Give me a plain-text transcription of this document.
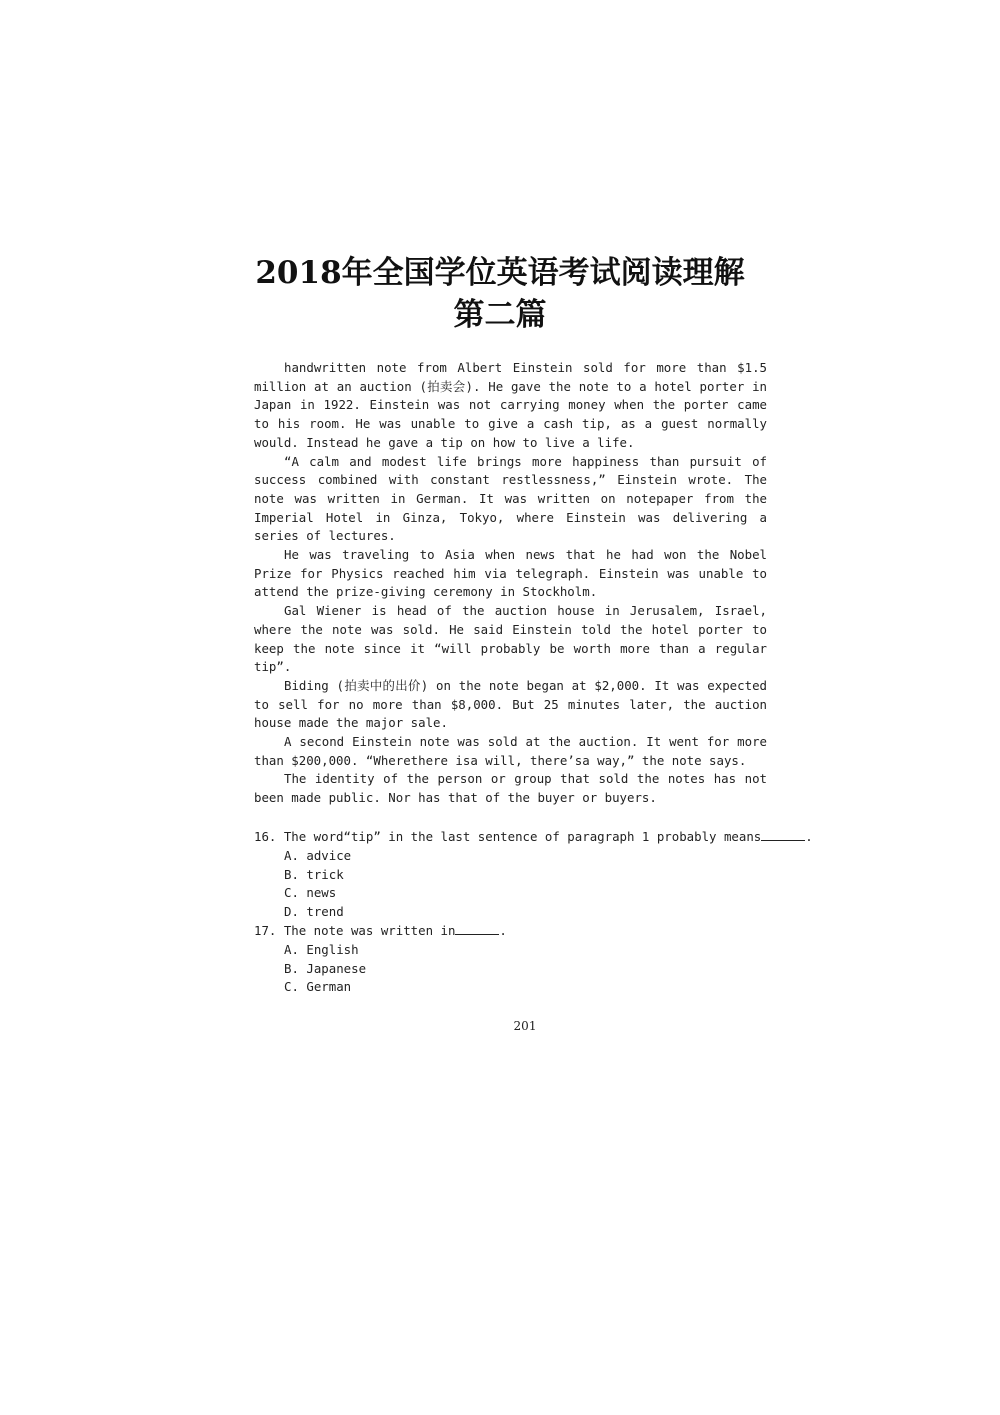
2018年全国学位英语考试阅读理解
第二篇

handwritten note from Albert Einstein sold for more than $1.5 million at an auction (拍卖会). He gave the note to a hotel porter in Japan in 1922. Einstein was not carrying money when the porter came to his room. He was unable to give a cash tip, as a guest normally would. Instead he gave a tip on how to live a life.

“A calm and modest life brings more happiness than pursuit of success combined with constant restlessness,” Einstein wrote. The note was written in German. It was written on notepaper from the Imperial Hotel in Ginza, Tokyo, where Einstein was delivering a series of lectures.

He was traveling to Asia when news that he had won the Nobel Prize for Physics reached him via telegraph. Einstein was unable to attend the prize-giving ceremony in Stockholm.

Gal Wiener is head of the auction house in Jerusalem, Israel, where the note was sold. He said Einstein told the hotel porter to keep the note since it “will probably be worth more than a regular tip”.

Biding (拍卖中的出价) on the note began at $2,000. It was expected to sell for no more than $8,000. But 25 minutes later, the auction house made the major sale.

A second Einstein note was sold at the auction. It went for more than $200,000. “Wherethere isa will, there’sa way,” the note says.

The identity of the person or group that sold the notes has not been made public. Nor has that of the buyer or buyers.

16. The word“tip” in the last sentence of paragraph 1 probably means	.

A. advice
B. trick
C. news
D. trend

17. The note was written in	.

A. English
B. Japanese
C. German
201
